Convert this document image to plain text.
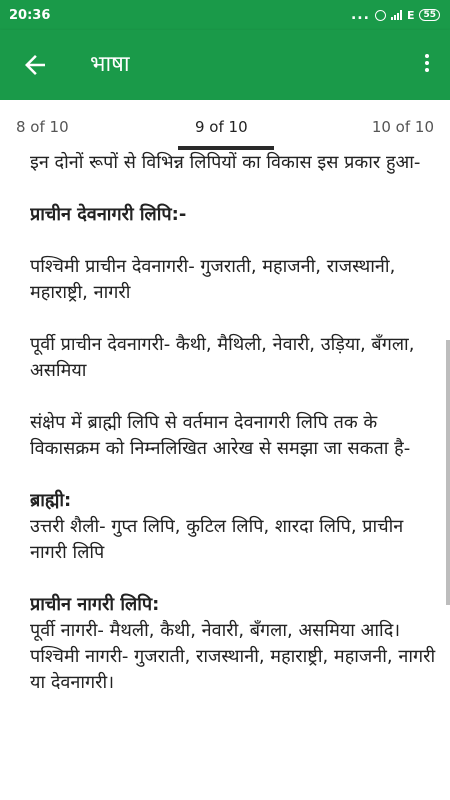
20:36	...	E	55
भाषा
8 of 10	9 of 10	10 of 10

इन दोनों रूपों से विभिन्न लिपियों का विकास इस प्रकार हुआ-

प्राचीन देवनागरी लिपि:-

पश्चिमी प्राचीन देवनागरी- गुजराती, महाजनी, राजस्थानी, महाराष्ट्री, नागरी

पूर्वी प्राचीन देवनागरी- कैथी, मैथिली, नेवारी, उड़िया, बँगला, असमिया

संक्षेप में ब्राह्मी लिपि से वर्तमान देवनागरी लिपि तक के विकासक्रम को निम्नलिखित आरेख से समझा जा सकता है-

ब्राह्मी:

उत्तरी शैली- गुप्त लिपि, कुटिल लिपि, शारदा लिपि, प्राचीन नागरी लिपि

प्राचीन नागरी लिपि:

पूर्वी नागरी- मैथली, कैथी, नेवारी, बँगला, असमिया आदि।

पश्चिमी नागरी- गुजराती, राजस्थानी, महाराष्ट्री, महाजनी, नागरी या देवनागरी।
